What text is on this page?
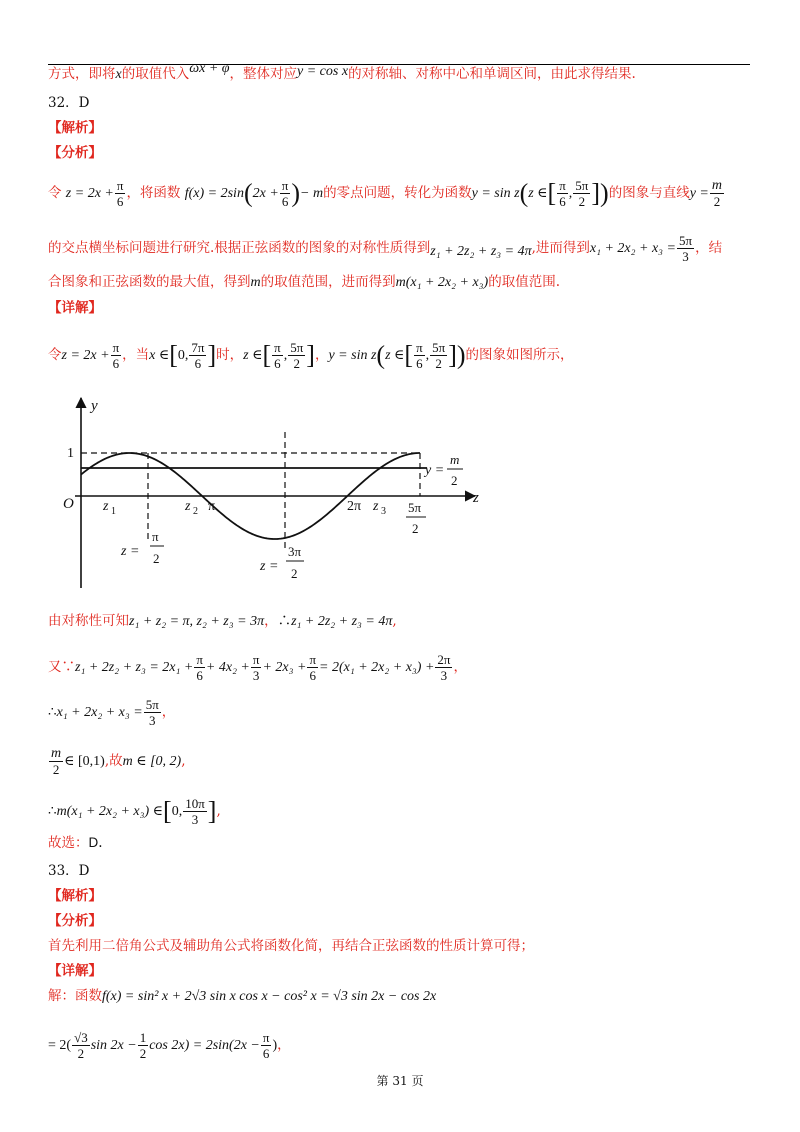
方式，即将x的取值代入ωx + φ，整体对应y = cos x的对称轴、对称中心和单调区间，由此求得结果.
32．D
【解析】
【分析】
令 $z = 2x + \frac{\pi}{6}$ ，将函数 $f(x) = 2\sin(2x + \frac{\pi}{6}$ )− m的零点问题，转化为函数y = sin z(z ∈[ $\frac{\pi}{6}$ , $\frac{5\pi}{2}$ ])的图象与直线$y = \frac{m}{2}$
的交点横坐标问题进行研究.根据正弦函数的图象的对称性质得到z₁ + 2z₂ + z₃ = 4π,进而得到$x_1 + 2x_2 + x_3 = \frac{5\pi}{3}$ ，结
合图象和正弦函数的最大值，得到m的取值范围，进而得到m(x₁ + 2x₂ + x₃)的取值范围.
【详解】
令$z = 2x + \frac{\pi}{6}$ ，当x ∈[0, $\frac{7\pi}{6}$ ]时，z ∈[ $\frac{\pi}{6}$ , $\frac{5\pi}{2}$ ]，y = sin z(z ∈[ $\frac{\pi}{6}$ , $\frac{5\pi}{2}$ ])的图象如图所示，
y
z
O
1
y =
m
2
z 1	z 2 π	2π z 3 5π
2
z =
π
2
z =
3π
2
由对称性可知z₁ + z₂ = π, z₂ + z₃ = 3π，∴z₁ + 2z₂ + z₃ = 4π,
又∵z₁ + $2z_2 + z_3 = 2x_1 + \frac{\pi}{6} + 4x_2 + \frac{\pi}{3} + 2x_3 + \frac{\pi}{6} = 2(x_1 + 2x_2 + x_3) + \frac{2\pi}{3}$ ，
∴x₁ + $2x_2 + x_3 = \frac{5\pi}{3}$ ，
$\frac{m}{2}$ ∈ [0,1),故m ∈ [0, 2),
∴m(x₁ + 2x₂ + x₃) ∈[0, $\frac{10\pi}{3}$ ],
故选：D.
33．D
【解析】
【分析】
首先利用二倍角公式及辅助角公式将函数化简，再结合正弦函数的性质计算可得；
【详解】
解：函数f(x) = sin² x + 2√3 sin x cos x − cos² x = √3 sin 2x − cos 2x
= $2( \frac{√3}{2}$ $\sin 2x - \frac{1}{2}$ $\cos 2x) = 2\sin(2x - \frac{\pi}{6}$ )，
第 31 页
